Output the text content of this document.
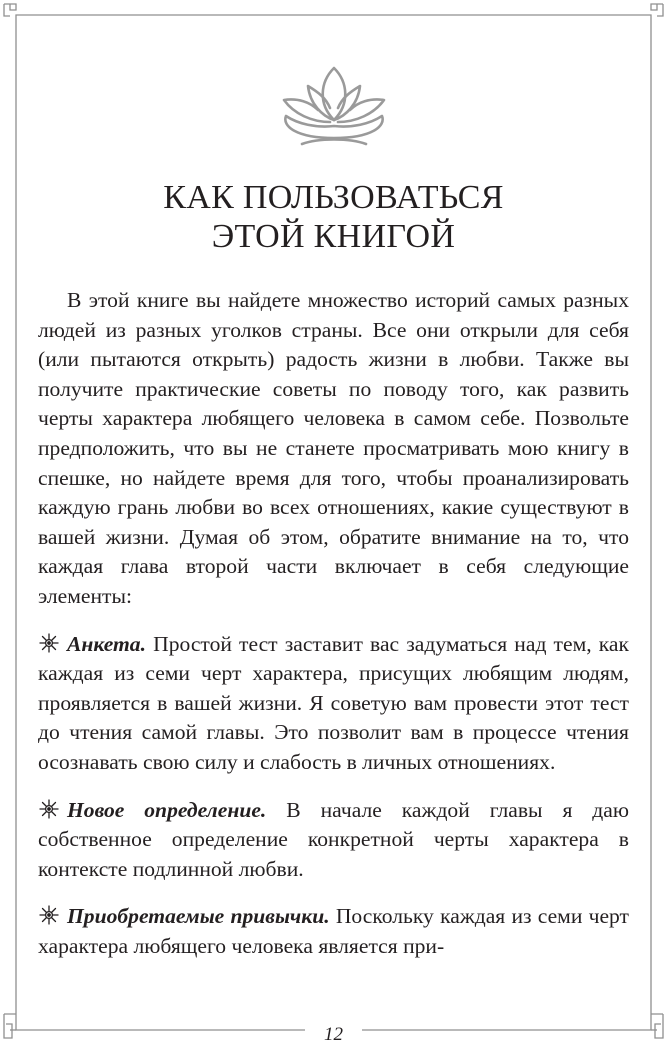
КАК ПОЛЬЗОВАТЬСЯ
ЭТОЙ КНИГОЙ

В этой книге вы найдете множество историй самых разных людей из разных уголков страны. Все они открыли для себя (или пытаются открыть) радость жизни в любви. Также вы получите практические советы по поводу того, как развить черты характера любящего человека в самом себе. Позвольте предположить, что вы не станете просматривать мою книгу в спешке, но найдете время для того, чтобы проанализировать каждую грань любви во всех отношениях, какие существуют в вашей жизни. Думая об этом, обратите внимание на то, что каждая глава второй части включает в себя следующие элементы:

Анкета. Простой тест заставит вас задуматься над тем, как каждая из семи черт характера, присущих любящим людям, проявляется в вашей жизни. Я советую вам провести этот тест до чтения самой главы. Это позволит вам в процессе чтения осознавать свою силу и слабость в личных отношениях.

Новое определение. В начале каждой главы я даю собственное определение конкретной черты характера в контексте подлинной любви.

Приобретаемые привычки. Поскольку каждая из семи черт характера любящего человека является при-

12
